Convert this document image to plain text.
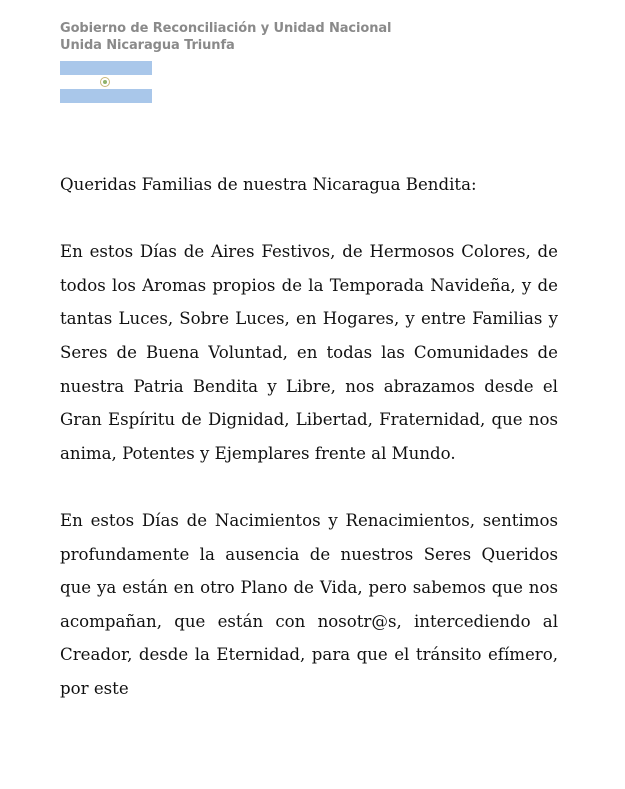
Gobierno de Reconciliación y Unidad Nacional
Unida Nicaragua Triunfa

Queridas Familias de nuestra Nicaragua Bendita:

En estos Días de Aires Festivos, de Hermosos Colores, de todos los Aromas propios de la Temporada Navideña, y de tantas Luces, Sobre Luces, en Hogares, y entre Familias y Seres de Buena Voluntad, en todas las Comunidades de nuestra Patria Bendita y Libre, nos abrazamos desde el Gran Espíritu de Dignidad, Libertad, Fraternidad, que nos anima, Potentes y Ejemplares frente al Mundo.

En estos Días de Nacimientos y Renacimientos, sentimos profundamente la ausencia de nuestros Seres Queridos que ya están en otro Plano de Vida, pero sabemos que nos acompañan, que están con nosotr@s, intercediendo al Creador, desde la Eternidad, para que el tránsito efímero, por este
